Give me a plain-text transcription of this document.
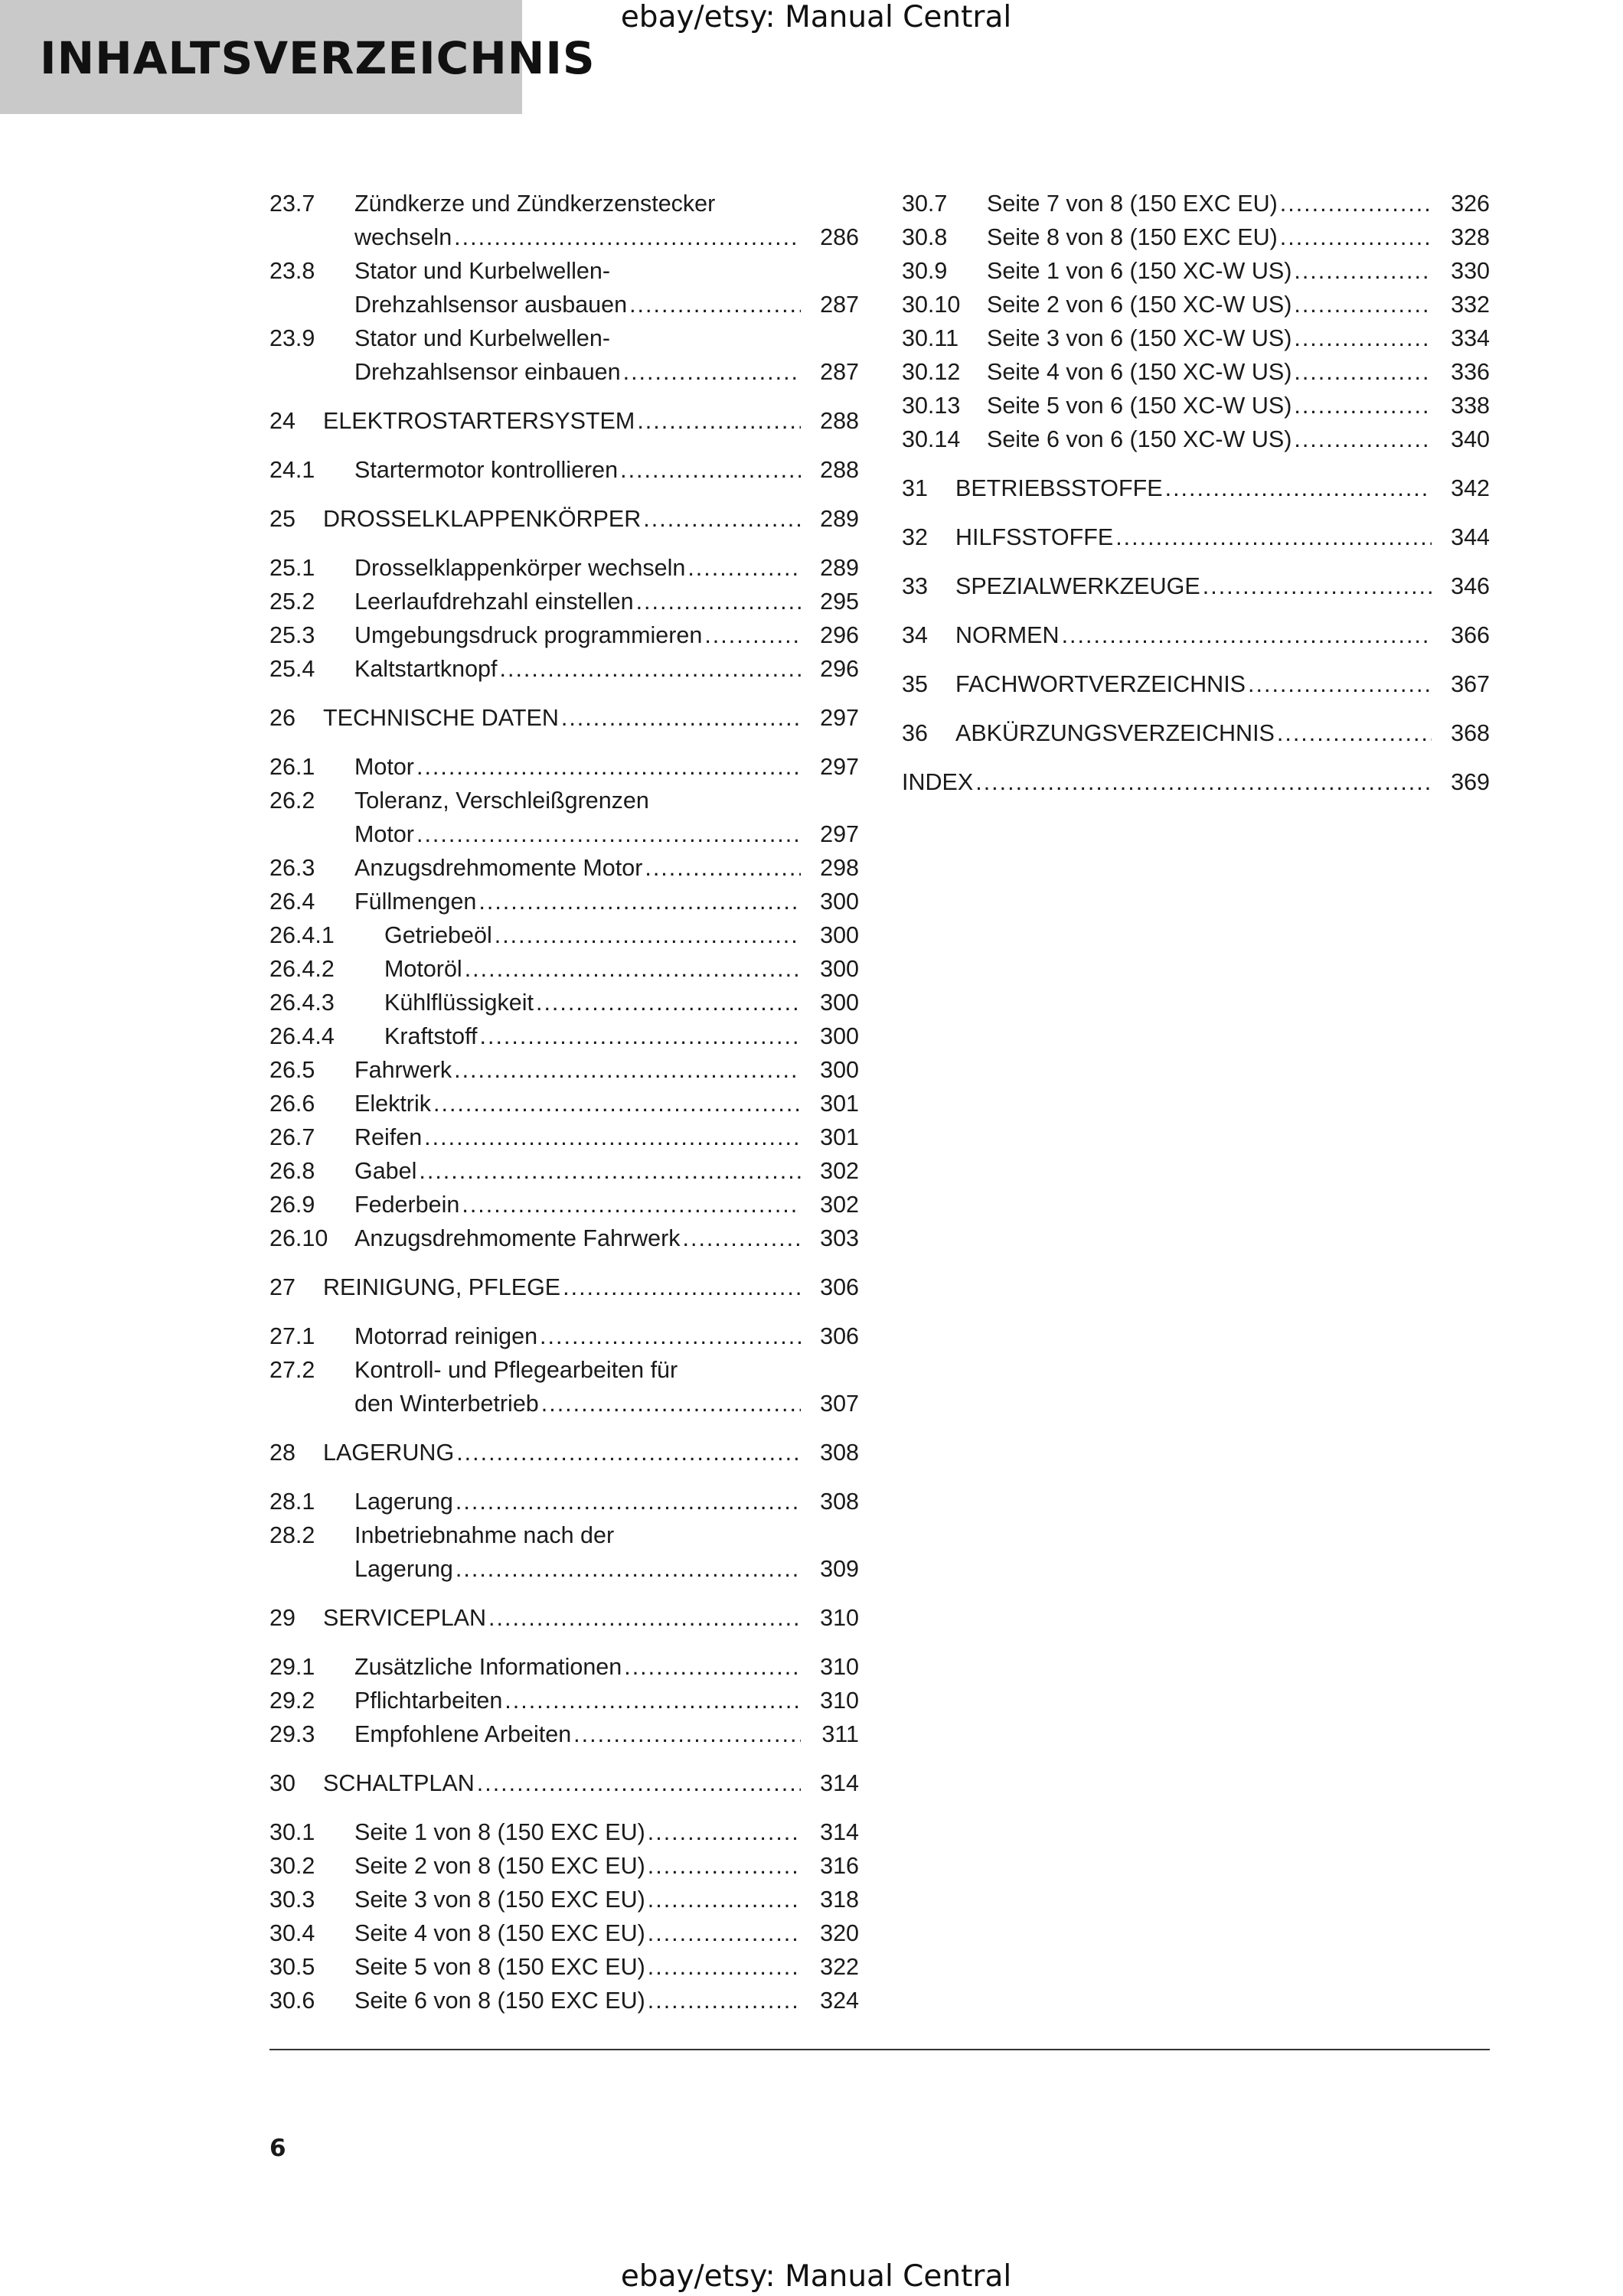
INHALTSVERZEICHNIS
ebay/etsy: Manual Central
23.7 Zündkerze und Zündkerzenstecker
wechseln .....	286
23.8 Stator und Kurbelwellen-
Drehzahlsensor ausbauen .....	287
23.9 Stator und Kurbelwellen-
Drehzahlsensor einbauen .....	287
24 ELEKTROSTARTERSYSTEM .....	288
24.1 Startermotor kontrollieren .....	288
25 DROSSELKLAPPENKÖRPER .....	289
25.1 Drosselklappenkörper wechseln .....	289
25.2 Leerlaufdrehzahl einstellen .....	295
25.3 Umgebungsdruck programmieren .....	296
25.4 Kaltstartknopf .....	296
26 TECHNISCHE DATEN .....	297
26.1 Motor .....	297
26.2 Toleranz, Verschleißgrenzen
Motor .....	297
26.3 Anzugsdrehmomente Motor .....	298
26.4 Füllmengen .....	300
26.4.1 Getriebeöl .....	300
26.4.2 Motoröl .....	300
26.4.3 Kühlflüssigkeit .....	300
26.4.4 Kraftstoff .....	300
26.5 Fahrwerk .....	300
26.6 Elektrik .....	301
26.7 Reifen .....	301
26.8 Gabel .....	302
26.9 Federbein .....	302
26.10 Anzugsdrehmomente Fahrwerk .....	303
27 REINIGUNG, PFLEGE .....	306
27.1 Motorrad reinigen .....	306
27.2 Kontroll- und Pflegearbeiten für
den Winterbetrieb .....	307
28 LAGERUNG .....	308
28.1 Lagerung .....	308
28.2 Inbetriebnahme nach der
Lagerung .....	309
29 SERVICEPLAN .....	310
29.1 Zusätzliche Informationen .....	310
29.2 Pflichtarbeiten .....	310
29.3 Empfohlene Arbeiten .....	311
30 SCHALTPLAN .....	314
30.1 Seite 1 von 8 (150 EXC EU) .....	314
30.2 Seite 2 von 8 (150 EXC EU) .....	316
30.3 Seite 3 von 8 (150 EXC EU) .....	318
30.4 Seite 4 von 8 (150 EXC EU) .....	320
30.5 Seite 5 von 8 (150 EXC EU) .....	322
30.6 Seite 6 von 8 (150 EXC EU) .....	324
30.7 Seite 7 von 8 (150 EXC EU) .....	326
30.8 Seite 8 von 8 (150 EXC EU) .....	328
30.9 Seite 1 von 6 (150 XC-W US) .....	330
30.10 Seite 2 von 6 (150 XC-W US) .....	332
30.11 Seite 3 von 6 (150 XC-W US) .....	334
30.12 Seite 4 von 6 (150 XC-W US) .....	336
30.13 Seite 5 von 6 (150 XC-W US) .....	338
30.14 Seite 6 von 6 (150 XC-W US) .....	340
31 BETRIEBSSTOFFE .....	342
32 HILFSSTOFFE .....	344
33 SPEZIALWERKZEUGE .....	346
34 NORMEN .....	366
35 FACHWORTVERZEICHNIS .....	367
36 ABKÜRZUNGSVERZEICHNIS .....	368
INDEX .....	369
6
ebay/etsy: Manual Central
